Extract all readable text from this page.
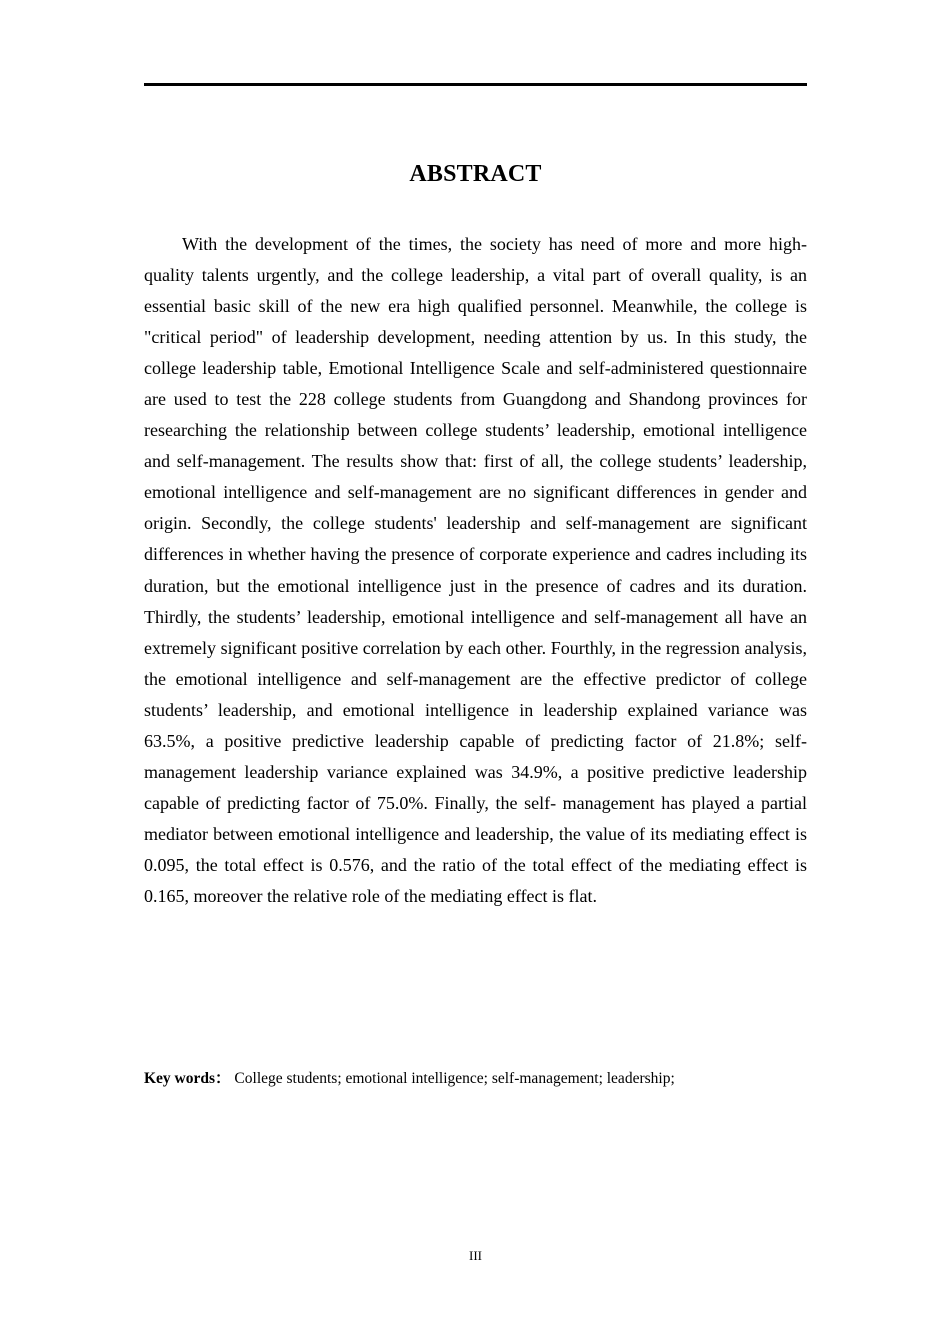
ABSTRACT

With the development of the times, the society has need of more and more high-quality talents urgently, and the college leadership, a vital part of overall quality, is an essential basic skill of the new era high qualified personnel. Meanwhile, the college is "critical period" of leadership development, needing attention by us. In this study, the college leadership table, Emotional Intelligence Scale and self-administered questionnaire are used to test the 228 college students from Guangdong and Shandong provinces for researching the relationship between college students’ leadership, emotional intelligence and self-management. The results show that: first of all, the college students’ leadership, emotional intelligence and self-management are no significant differences in gender and origin. Secondly, the college students' leadership and self-management are significant differences in whether having the presence of corporate experience and cadres including its duration, but the emotional intelligence just in the presence of cadres and its duration. Thirdly, the students’ leadership, emotional intelligence and self-management all have an extremely significant positive correlation by each other. Fourthly, in the regression analysis, the emotional intelligence and self-management are the effective predictor of college students’ leadership, and emotional intelligence in leadership explained variance was 63.5%, a positive predictive leadership capable of predicting factor of 21.8%; self-management leadership variance explained was 34.9%, a positive predictive leadership capable of predicting factor of 75.0%. Finally, the self- management has played a partial mediator between emotional intelligence and leadership, the value of its mediating effect is 0.095, the total effect is 0.576, and the ratio of the total effect of the mediating effect is 0.165, moreover the relative role of the mediating effect is flat.

Key words： College students; emotional intelligence; self-management; leadership;

III
